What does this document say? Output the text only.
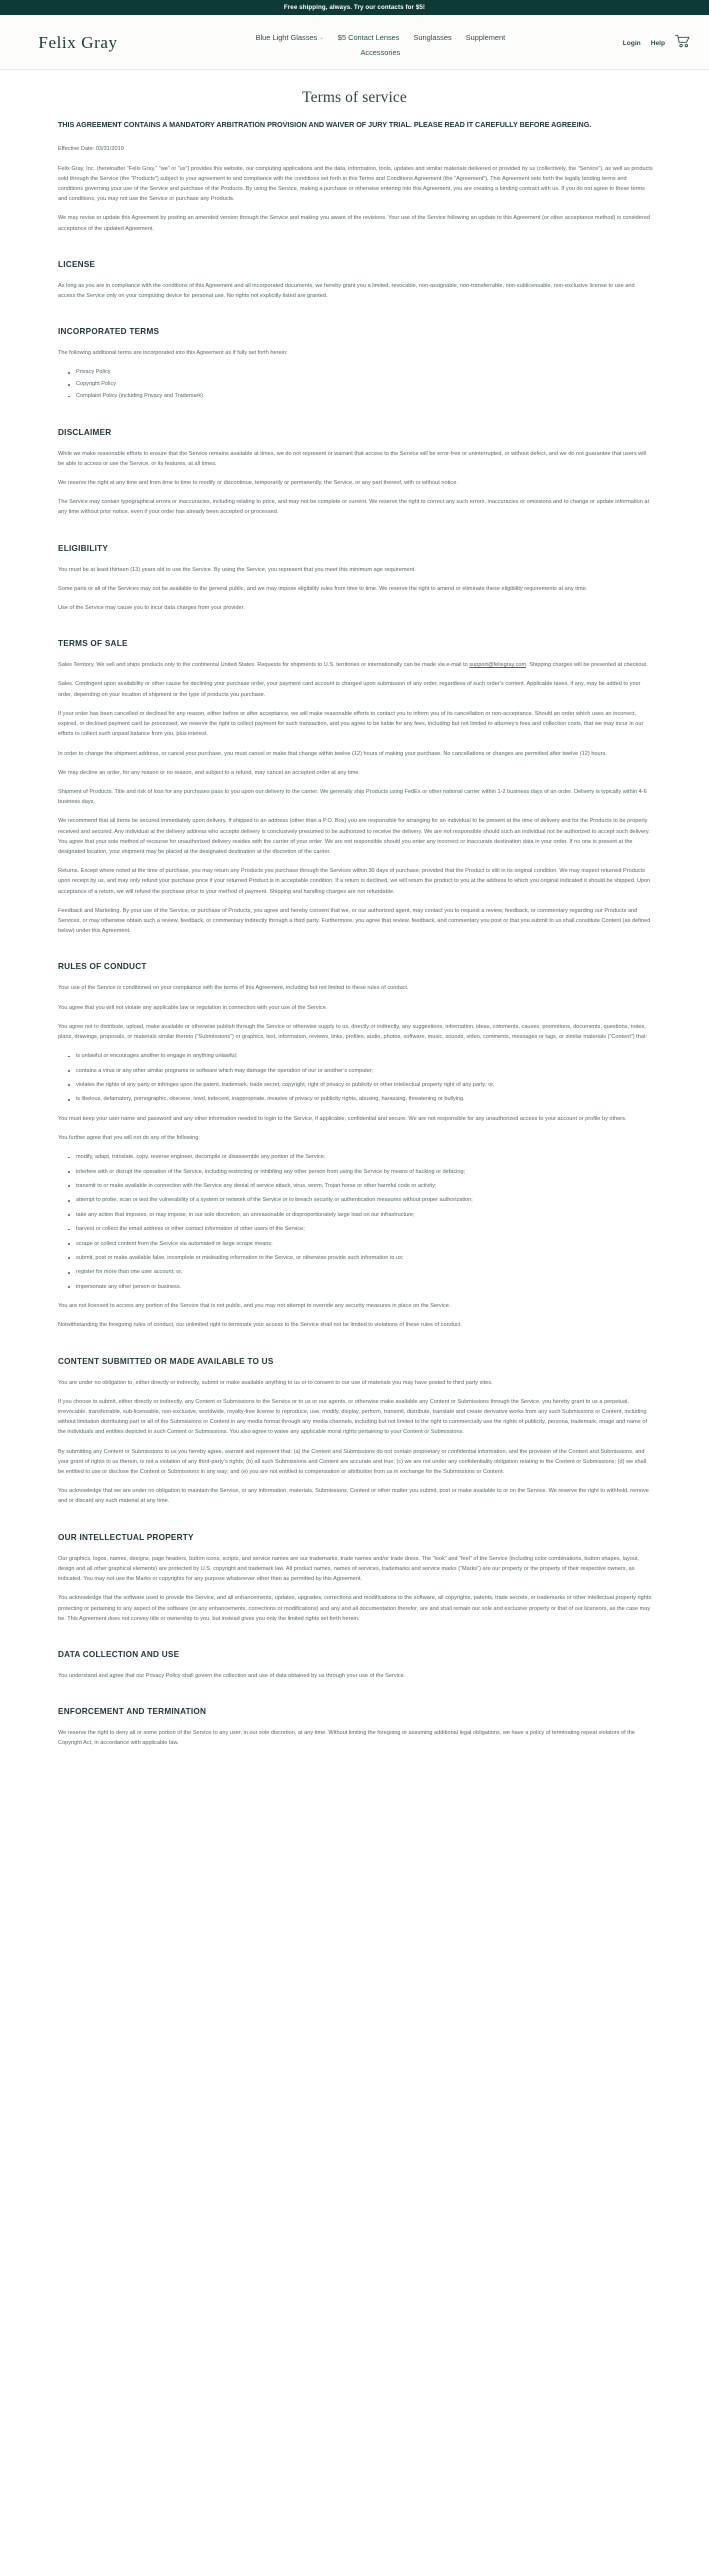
Free shipping, always. Try our contacts for $5!
Felix Gray	Blue Light Glasses ⌄ $5 Contact Lenses Sunglasses Supplement
Accessories
Login Help
Terms of service

THIS AGREEMENT CONTAINS A MANDATORY ARBITRATION PROVISION AND WAIVER OF JURY TRIAL. PLEASE READ IT CAREFULLY BEFORE AGREEING.

Effective Date: 03/31/2019

Felix Gray, Inc. (hereinafter “Felix Gray,” “we” or “us”) provides this website, our computing applications and the data, information, tools, updates and similar materials delivered or provided by us (collectively, the “Service”), as well as products sold through the Service (the “Products”) subject to your agreement to and compliance with the conditions set forth in this Terms and Conditions Agreement (the “Agreement”). This Agreement sets forth the legally binding terms and conditions governing your use of the Service and purchase of the Products. By using the Service, making a purchase or otherwise entering into this Agreement, you are creating a binding contract with us. If you do not agree to these terms and conditions, you may not use the Service or purchase any Products.

We may revise or update this Agreement by posting an amended version through the Service and making you aware of the revisions. Your use of the Service following an update to this Agreement (or other acceptance method) is considered acceptance of the updated Agreement.

LICENSE

As long as you are in compliance with the conditions of this Agreement and all incorporated documents, we hereby grant you a limited, revocable, non-assignable, non-transferrable, non-sublicensable, non-exclusive license to use and access the Service only on your computing device for personal use. No rights not explicitly listed are granted.

INCORPORATED TERMS

The following additional terms are incorporated into this Agreement as if fully set forth herein:

Privacy Policy
Copyright Policy
Complaint Policy (including Privacy and Trademark)
DISCLAIMER

While we make reasonable efforts to ensure that the Service remains available at times, we do not represent or warrant that access to the Service will be error-free or uninterrupted, or without defect, and we do not guarantee that users will be able to access or use the Service, or its features, at all times.

We reserve the right at any time and from time to time to modify or discontinue, temporarily or permanently, the Service, or any part thereof, with or without notice.

The Service may contain typographical errors or inaccuracies, including relating to price, and may not be complete or current. We reserve the right to correct any such errors, inaccuracies or omissions and to change or update information at any time without prior notice, even if your order has already been accepted or processed.

ELIGIBILITY

You must be at least thirteen (13) years old to use the Service. By using the Service, you represent that you meet this minimum age requirement.

Some parts or all of the Services may not be available to the general public, and we may impose eligibility rules from time to time. We reserve the right to amend or eliminate these eligibility requirements at any time.

Use of the Service may cause you to incur data charges from your provider.

TERMS OF SALE

Sales Territory. We sell and ships products only to the continental United States. Requests for shipments to U.S. territories or internationally can be made via e-mail to support@felixgray.com. Shipping charges will be presented at checkout.

Sales. Contingent upon availability or other cause for declining your purchase order, your payment card account is charged upon submission of any order, regardless of such order’s content. Applicable taxes, if any, may be added to your order, depending on your location of shipment or the type of products you purchase.

If your order has been cancelled or declined for any reason, either before or after acceptance, we will make reasonable efforts to contact you to inform you of its cancellation or non-acceptance. Should an order which uses an incorrect, expired, or declined payment card be processed, we reserve the right to collect payment for such transaction, and you agree to be liable for any fees, including but not limited to attorney’s fees and collection costs, that we may incur in our efforts to collect such unpaid balance from you, plus interest.

In order to change the shipment address, or cancel your purchase, you must cancel or make that change within twelve (12) hours of making your purchase. No cancellations or changes are permitted after twelve (12) hours.

We may decline an order, for any reason or no reason, and subject to a refund, may cancel an accepted order at any time.

Shipment of Products. Title and risk of loss for any purchases pass to you upon our delivery to the carrier. We generally ship Products using FedEx or other national carrier within 1-2 business days of an order. Delivery is typically within 4-6 business days.

We recommend that all items be secured immediately upon delivery. If shipped to an address (other than a P.O. Box) you are responsible for arranging for an individual to be present at the time of delivery and for the Products to be properly received and secured. Any individual at the delivery address who accepts delivery is conclusively presumed to be authorized to receive the delivery. We are not responsible should such an individual not be authorized to accept such delivery. You agree that your sole method of recourse for unauthorized delivery resides with the carrier of your order. We are not responsible should you enter any incorrect or inaccurate destination data in your order. If no one is present at the designated location, your shipment may be placed at the designated destination at the discretion of the carrier.

Returns. Except where noted at the time of purchase, you may return any Products you purchase through the Services within 30 days of purchase, provided that the Product is still in its original condition. We may inspect returned Products upon receipt by us, and may only refund your purchase price if your returned Product is in acceptable condition. If a return is declined, we will return the product to you at the address to which you original indicated it should be shipped. Upon acceptance of a return, we will refund the purchase price to your method of payment. Shipping and handling charges are not refundable.

Feedback and Marketing. By your use of the Service, or purchase of Products, you agree and hereby consent that we, or our authorized agent, may contact you to request a review, feedback, or commentary regarding our Products and Services, or may otherwise obtain such a review, feedback, or commentary indirectly through a third party. Furthermore, you agree that review, feedback, and commentary you post or that you submit to us shall constitute Content (as defined below) under this Agreement.

RULES OF CONDUCT

Your use of the Service is conditioned on your compliance with the terms of this Agreement, including but not limited to these rules of conduct.

You agree that you will not violate any applicable law or regulation in connection with your use of the Service.

You agree not to distribute, upload, make available or otherwise publish through the Service or otherwise supply to us, directly or indirectly, any suggestions, information, ideas, comments, causes, promotions, documents, questions, notes, plans, drawings, proposals, or materials similar thereto (“Submissions”) or graphics, text, information, reviews, links, profiles, audio, photos, software, music, sounds, video, comments, messages or tags, or similar materials (“Content”) that:

is unlawful or encourages another to engage in anything unlawful;
contains a virus or any other similar programs or software which may damage the operation of our or another’s computer;
violates the rights of any party or infringes upon the patent, trademark, trade secret, copyright, right of privacy or publicity or other intellectual property right of any party; or,
is libelous, defamatory, pornographic, obscene, lewd, indecent, inappropriate, invasive of privacy or publicity rights, abusing, harassing, threatening or bullying.

You must keep your user name and password and any other information needed to login to the Service, if applicable, confidential and secure. We are not responsible for any unauthorized access to your account or profile by others.

You further agree that you will not do any of the following:

modify, adapt, translate, copy, reverse engineer, decompile or disassemble any portion of the Service;
interfere with or disrupt the operation of the Service, including restricting or inhibiting any other person from using the Service by means of hacking or defacing;
transmit to or make available in connection with the Service any denial of service attack, virus, worm, Trojan horse or other harmful code or activity;
attempt to probe, scan or test the vulnerability of a system or network of the Service or to breach security or authentication measures without proper authorization;
take any action that imposes, or may impose, in our sole discretion, an unreasonable or disproportionately large load on our infrastructure;
harvest or collect the email address or other contact information of other users of the Service;
scrape or collect content from the Service via automated or large scrape means;
submit, post or make available false, incomplete or misleading information to the Service, or otherwise provide such information to us;
register for more than one user account; or,
impersonate any other person or business.

You are not licensed to access any portion of the Service that is not public, and you may not attempt to override any security measures in place on the Service.

Notwithstanding the foregoing rules of conduct, our unlimited right to terminate your access to the Service shall not be limited to violations of these rules of conduct.

CONTENT SUBMITTED OR MADE AVAILABLE TO US

You are under no obligation to, either directly or indirectly, submit or make available anything to us or to consent to our use of materials you may have posted to third party sites.

If you choose to submit, either directly or indirectly, any Content or Submissions to the Service or to us or our agents, or otherwise make available any Content or Submissions through the Service, you hereby grant to us a perpetual, irrevocable, transferrable, sub-licensable, non-exclusive, worldwide, royalty-free license to reproduce, use, modify, display, perform, transmit, distribute, translate and create derivative works from any such Submissions or Content, including without limitation distributing part or all of the Submissions or Content in any media format through any media channels, including but not limited to the right to commercially use the rights of publicity, persona, trademark, image and name of the individuals and entities depicted in such Content or Submissions. You also agree to waive any applicable moral rights pertaining to your Content or Submissions.

By submitting any Content or Submissions to us you hereby agree, warrant and represent that: (a) the Content and Submissions do not contain proprietary or confidential information, and the provision of the Content and Submissions, and your grant of rights to us therein, is not a violation of any third-party’s rights; (b) all such Submissions and Content are accurate and true; (c) we are not under any confidentiality obligation relating to the Content or Submissions; (d) we shall be entitled to use or disclose the Content or Submissions in any way; and (e) you are not entitled to compensation or attribution from us in exchange for the Submissions or Content.

You acknowledge that we are under no obligation to maintain the Service, or any information, materials, Submissions, Content or other matter you submit, post or make available to or on the Service. We reserve the right to withhold, remove and or discard any such material at any time.

OUR INTELLECTUAL PROPERTY

Our graphics, logos, names, designs, page headers, button icons, scripts, and service names are our trademarks, trade names and/or trade dress. The “look” and “feel” of the Service (including color combinations, button shapes, layout, design and all other graphical elements) are protected by U.S. copyright and trademark law. All product names, names of services, trademarks and service marks (“Marks”) are our property or the property of their respective owners, as indicated. You may not use the Marks or copyrights for any purpose whatsoever other than as permitted by this Agreement.

You acknowledge that the software used to provide the Service, and all enhancements, updates, upgrades, corrections and modifications to the software, all copyrights, patents, trade secrets, or trademarks or other intellectual property rights protecting or pertaining to any aspect of the software (or any enhancements, corrections or modifications) and any and all documentation therefor, are and shall remain our sole and exclusive property or that of our licensors, as the case may be. This Agreement does not convey title or ownership to you, but instead gives you only the limited rights set forth herein.

DATA COLLECTION AND USE

You understand and agree that our Privacy Policy shall govern the collection and use of data obtained by us through your use of the Service.

ENFORCEMENT AND TERMINATION

We reserve the right to deny all or some portion of the Service to any user, in our sole discretion, at any time. Without limiting the foregoing or assuming additional legal obligations, we have a policy of terminating repeat violators of the Copyright Act, in accordance with applicable law.
